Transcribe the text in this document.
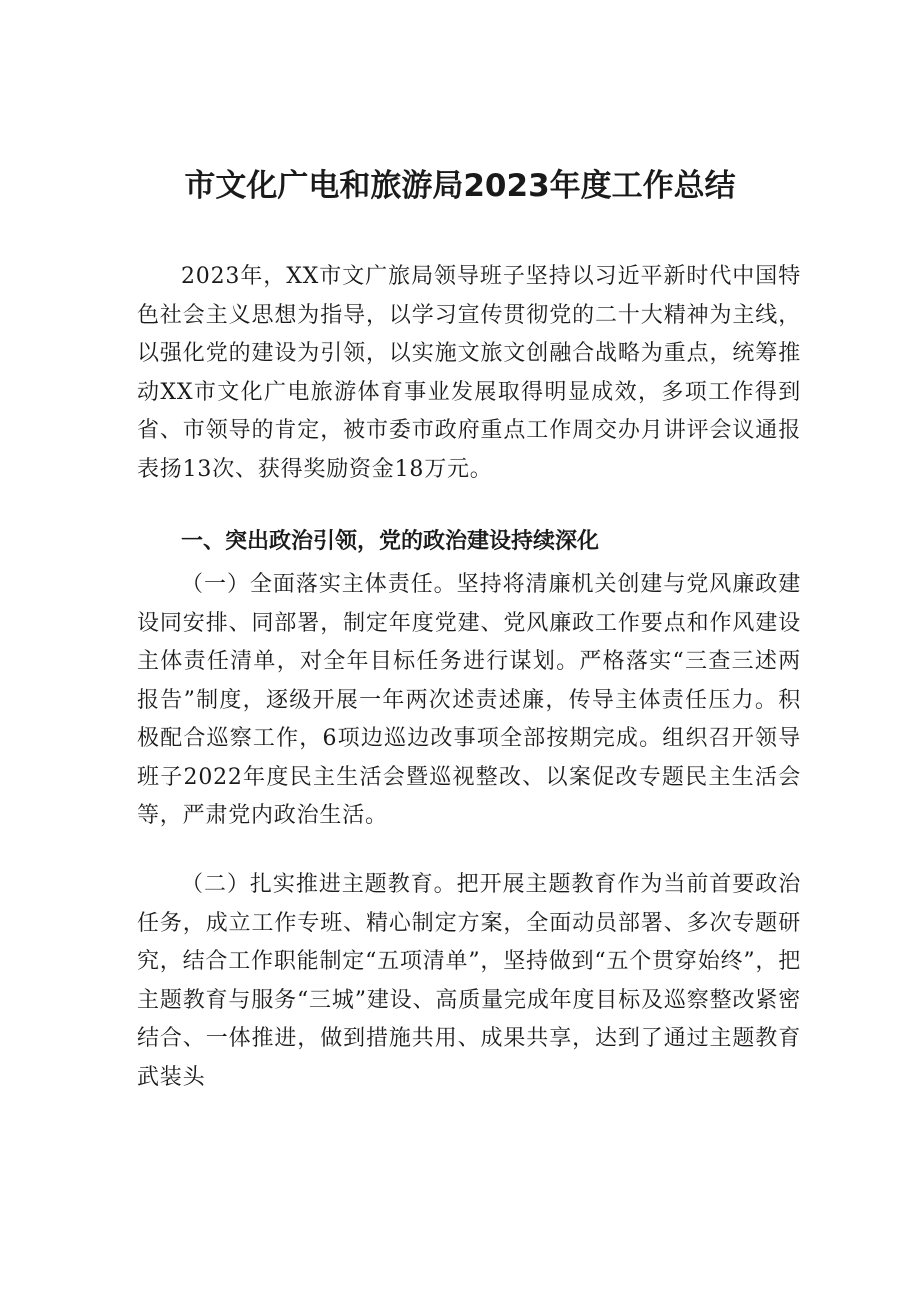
市文化广电和旅游局2023年度工作总结

2023年，XX市文广旅局领导班子坚持以习近平新时代中国特色社会主义思想为指导，以学习宣传贯彻党的二十大精神为主线，以强化党的建设为引领，以实施文旅文创融合战略为重点，统筹推动XX市文化广电旅游体育事业发展取得明显成效，多项工作得到省、市领导的肯定，被市委市政府重点工作周交办月讲评会议通报表扬13次、获得奖励资金18万元。

一、突出政治引领，党的政治建设持续深化

（一）全面落实主体责任。坚持将清廉机关创建与党风廉政建设同安排、同部署，制定年度党建、党风廉政工作要点和作风建设主体责任清单，对全年目标任务进行谋划。严格落实“三查三述两报告”制度，逐级开展一年两次述责述廉，传导主体责任压力。积极配合巡察工作，6项边巡边改事项全部按期完成。组织召开领导班子2022年度民主生活会暨巡视整改、以案促改专题民主生活会等，严肃党内政治生活。

（二）扎实推进主题教育。把开展主题教育作为当前首要政治任务，成立工作专班、精心制定方案，全面动员部署、多次专题研究，结合工作职能制定“五项清单”，坚持做到“五个贯穿始终”，把主题教育与服务“三城”建设、高质量完成年度目标及巡察整改紧密结合、一体推进，做到措施共用、成果共享，达到了通过主题教育武装头
